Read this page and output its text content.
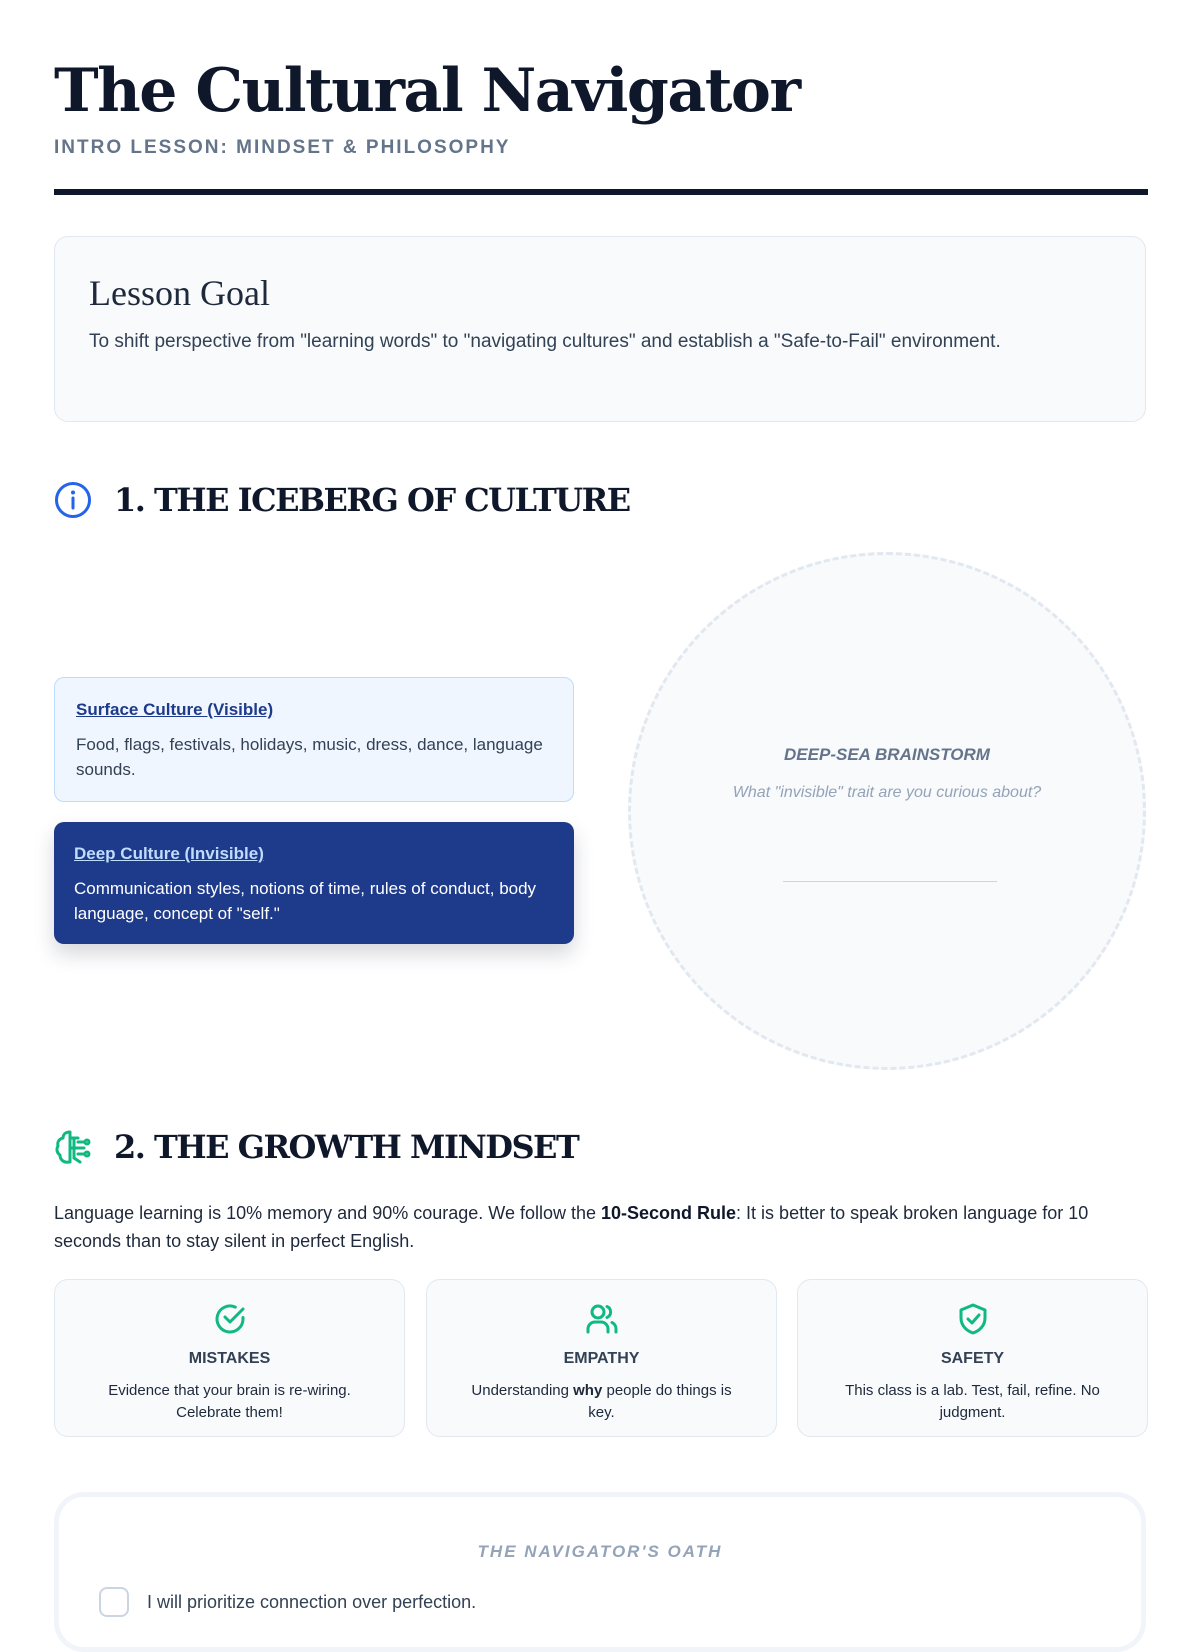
The Cultural Navigator
INTRO LESSON: MINDSET & PHILOSOPHY
Lesson Goal
To shift perspective from "learning words" to "navigating cultures" and establish a "Safe-to-Fail" environment.
1. THE ICEBERG OF CULTURE
Surface Culture (Visible)
Food, flags, festivals, holidays, music, dress, dance, language sounds.
Deep Culture (Invisible)
Communication styles, notions of time, rules of conduct, body language, concept of "self."
DEEP-SEA BRAINSTORM
What "invisible" trait are you curious about?
2. THE GROWTH MINDSET
Language learning is 10% memory and 90% courage. We follow the 10-Second Rule: It is better to speak broken language for 10 seconds than to stay silent in perfect English.
MISTAKES
Evidence that your brain is re-wiring. Celebrate them!
EMPATHY
Understanding why people do things is key.
SAFETY
This class is a lab. Test, fail, refine. No judgment.
THE NAVIGATOR'S OATH
I will prioritize connection over perfection.
